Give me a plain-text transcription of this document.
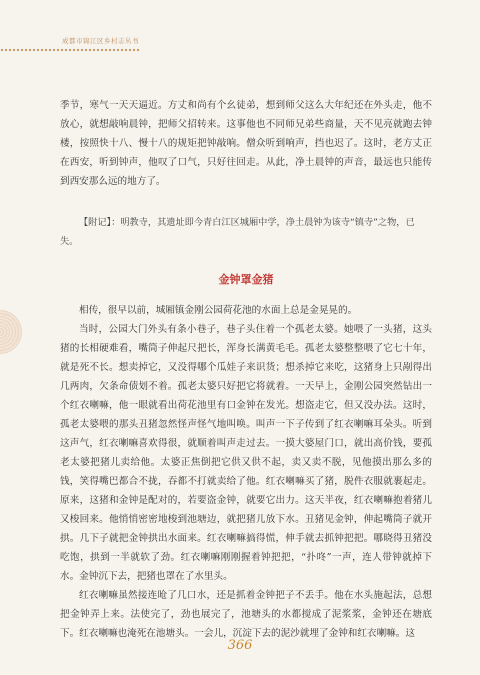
成都市锦江区乡村志丛书

季节，寒气一天天逼近。方丈和尚有个幺徒弟，想到师父这么大年纪还在外头走，他不放心，就想敲响晨钟，把师父招转来。这事他也不同师兄弟些商量，天不见亮就跑去钟楼，按照快十八、慢十八的规矩把钟敲响。僧众听到响声，挡也迟了。这时，老方丈正在西安，听到钟声，他叹了口气，只好往回走。从此，净土晨钟的声音，最远也只能传到西安那么远的地方了。

【附记】：明教寺，其遗址即今青白江区城厢中学，净土晨钟为该寺“镇寺”之物，已失。

金钟罩金猪

相传，很早以前，城厢镇金刚公园荷花池的水面上总是金晃晃的。

当时，公园大门外头有条小巷子，巷子头住着一个孤老太婆。她喂了一头猪，这头猪的长相硬难看，嘴筒子伸起尺把长，浑身长满黄毛毛。孤老太婆整整喂了它七十年，就是死不长。想卖掉它，又没得哪个瓜娃子来识货；想杀掉它来吃，这猪身上只剐得出几两肉，欠条命债划不着。孤老太婆只好把它将就着。一天早上，金刚公园突然钻出一个红衣喇嘛，他一眼就看出荷花池里有口金钟在发光。想盗走它，但又没办法。这时，孤老太婆喂的那头丑猪忽然怪声怪气地叫唤。叫声一下子传到了红衣喇嘛耳朵头。听到这声气，红衣喇嘛喜欢得很，就顺着叫声走过去。一摸大婆屋门口，就出高价钱，要孤老太婆把猪儿卖给他。太婆正焦倒把它供又供不起，卖又卖不脱，见他摸出那么多的钱，笑得嘴巴都合不拢，吞都不打就卖给了他。红衣喇嘛买了猪，脱件衣服就裹起走。原来，这猪和金钟是配对的，若要盗金钟，就要它出力。这天半夜，红衣喇嘛抱着猪儿又梭回来。他悄悄密密地梭到池塘边，就把猪儿放下水。丑猪见金钟，伸起嘴筒子就开拱。几下子就把金钟拱出水面来。红衣喇嘛搞得慌，伸手就去抓钟把把。哪晓得丑猪没吃饱，拱到一半就软了劲。红衣喇嘛刚刚握着钟把把，“扑咚”一声，连人带钟就掉下水。金钟沉下去，把猪也罩在了水里头。

红衣喇嘛虽然接连呛了几口水，还是抓着金钟把子不丢手。他在水头施起法，总想把金钟弄上来。法使完了，劲也展完了，池塘头的水都搅成了泥浆浆，金钟还在塘底下。红衣喇嘛也淹死在池塘头。一会儿，沉淀下去的泥沙就埋了金钟和红衣喇嘛。这

366
